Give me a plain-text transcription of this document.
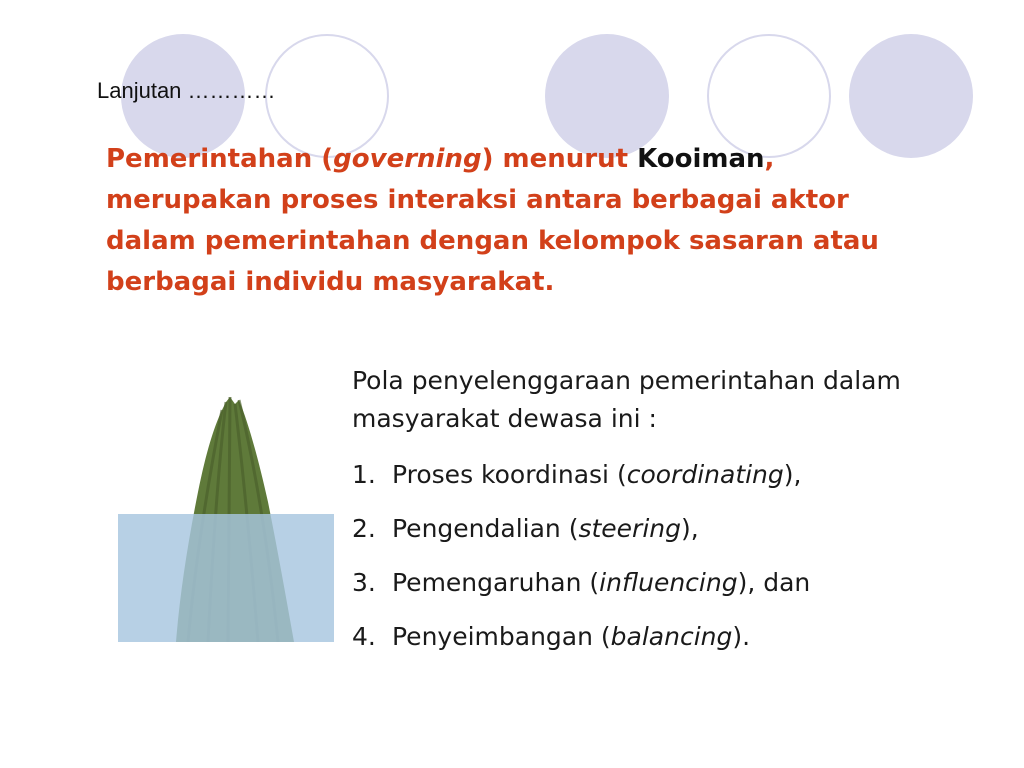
Lanjutan …………

Pemerintahan (governing) menurut Kooiman, merupakan proses interaksi antara berbagai aktor dalam pemerintahan dengan kelompok sasaran atau berbagai individu masyarakat.

Pola penyelenggaraan pemerintahan dalam masyarakat dewasa ini :

1. Proses koordinasi (coordinating),
2. Pengendalian (steering),
3. Pemengaruhan (influencing), dan
4. Penyeimbangan (balancing).
